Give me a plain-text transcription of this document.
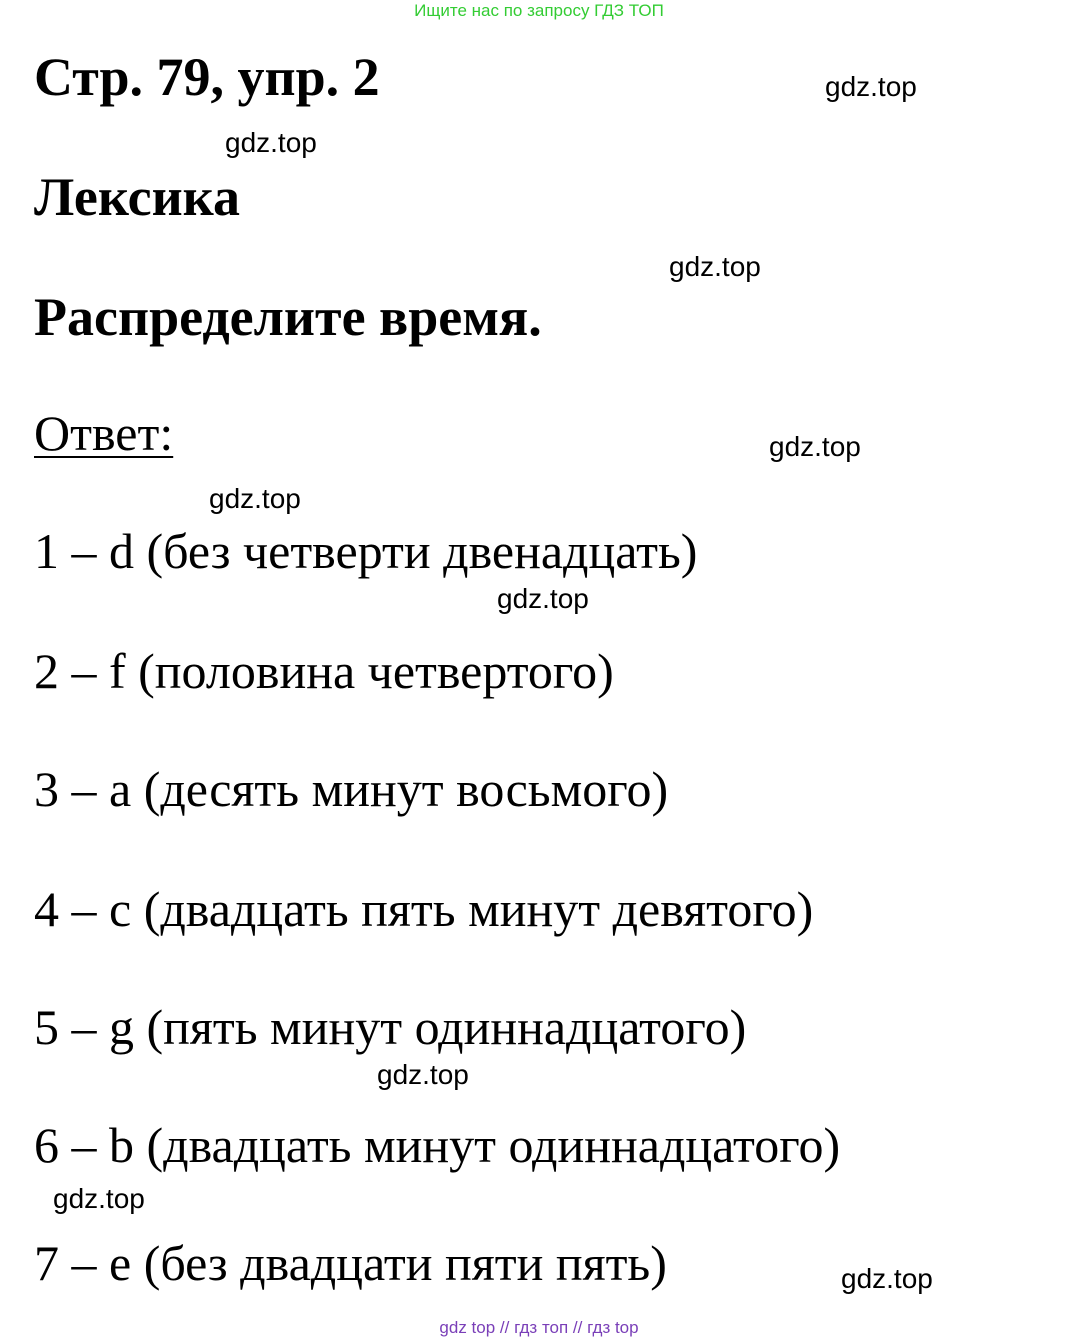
Ищите нас по запросу ГДЗ ТОП
Стр. 79, упр. 2
Лексика
Распределите время.
Ответ:
1 – d (без четверти двенадцать)
2 – f (половина четвертого)
3 – a (десять минут восьмого)
4 – c (двадцать пять минут девятого)
5 – g (пять минут одиннадцатого)
6 – b (двадцать минут одиннадцатого)
7 – e (без двадцати пяти пять)
gdz.top
gdz.top
gdz.top
gdz.top
gdz.top
gdz.top
gdz.top
gdz.top
gdz.top
gdz top // гдз топ // гдз top
